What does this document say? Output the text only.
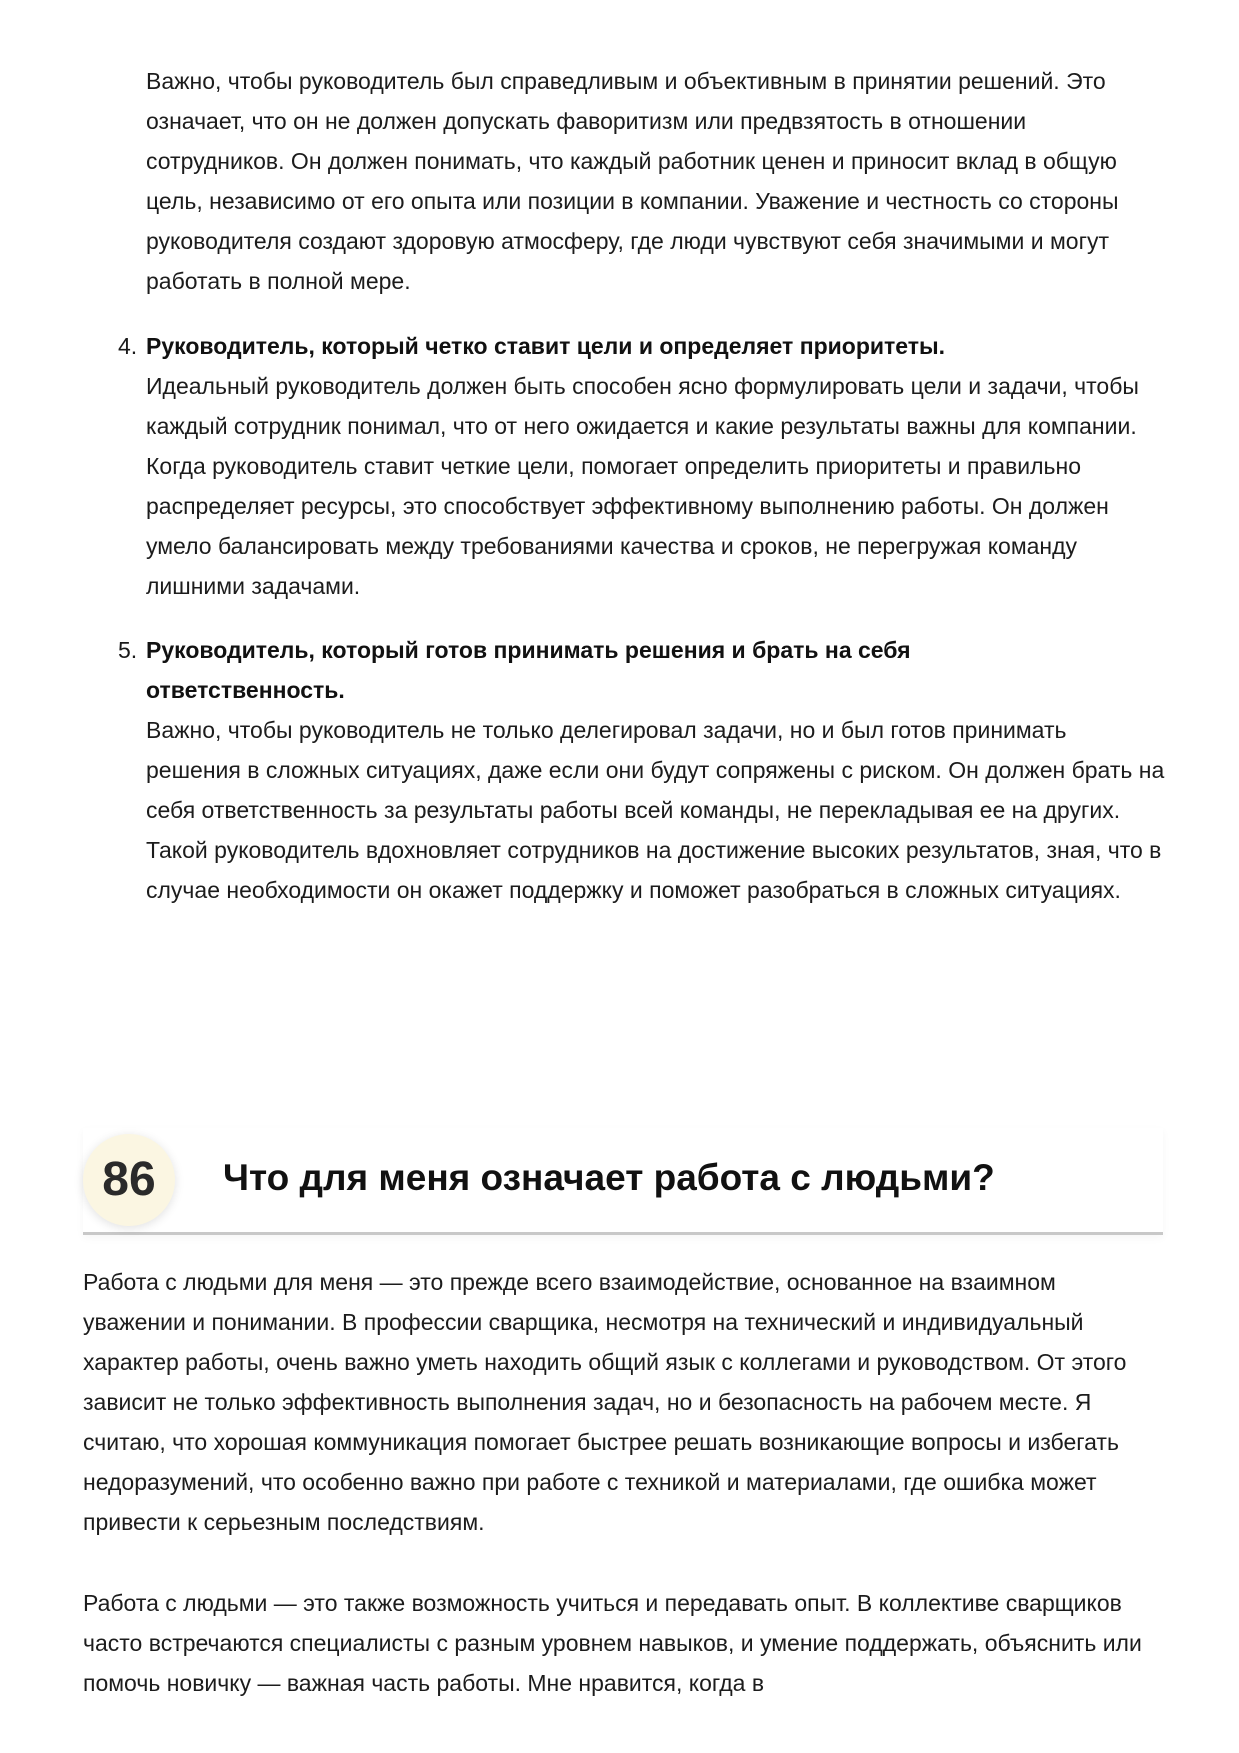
Важно, чтобы руководитель был справедливым и объективным в принятии решений. Это означает, что он не должен допускать фаворитизм или предвзятость в отношении сотрудников. Он должен понимать, что каждый работник ценен и приносит вклад в общую цель, независимо от его опыта или позиции в компании. Уважение и честность со стороны руководителя создают здоровую атмосферу, где люди чувствуют себя значимыми и могут работать в полной мере.

4. Руководитель, который четко ставит цели и определяет приоритеты.
Идеальный руководитель должен быть способен ясно формулировать цели и задачи, чтобы каждый сотрудник понимал, что от него ожидается и какие результаты важны для компании. Когда руководитель ставит четкие цели, помогает определить приоритеты и правильно распределяет ресурсы, это способствует эффективному выполнению работы. Он должен умело балансировать между требованиями качества и сроков, не перегружая команду лишними задачами.
5. Руководитель, который готов принимать решения и брать на себя ответственность.
Важно, чтобы руководитель не только делегировал задачи, но и был готов принимать решения в сложных ситуациях, даже если они будут сопряжены с риском. Он должен брать на себя ответственность за результаты работы всей команды, не перекладывая ее на других. Такой руководитель вдохновляет сотрудников на достижение высоких результатов, зная, что в случае необходимости он окажет поддержку и поможет разобраться в сложных ситуациях.
86	Что для меня означает работа с людьми?

Работа с людьми для меня — это прежде всего взаимодействие, основанное на взаимном уважении и понимании. В профессии сварщика, несмотря на технический и индивидуальный характер работы, очень важно уметь находить общий язык с коллегами и руководством. От этого зависит не только эффективность выполнения задач, но и безопасность на рабочем месте. Я считаю, что хорошая коммуникация помогает быстрее решать возникающие вопросы и избегать недоразумений, что особенно важно при работе с техникой и материалами, где ошибка может привести к серьезным последствиям.

Работа с людьми — это также возможность учиться и передавать опыт. В коллективе сварщиков часто встречаются специалисты с разным уровнем навыков, и умение поддержать, объяснить или помочь новичку — важная часть работы. Мне нравится, когда в
